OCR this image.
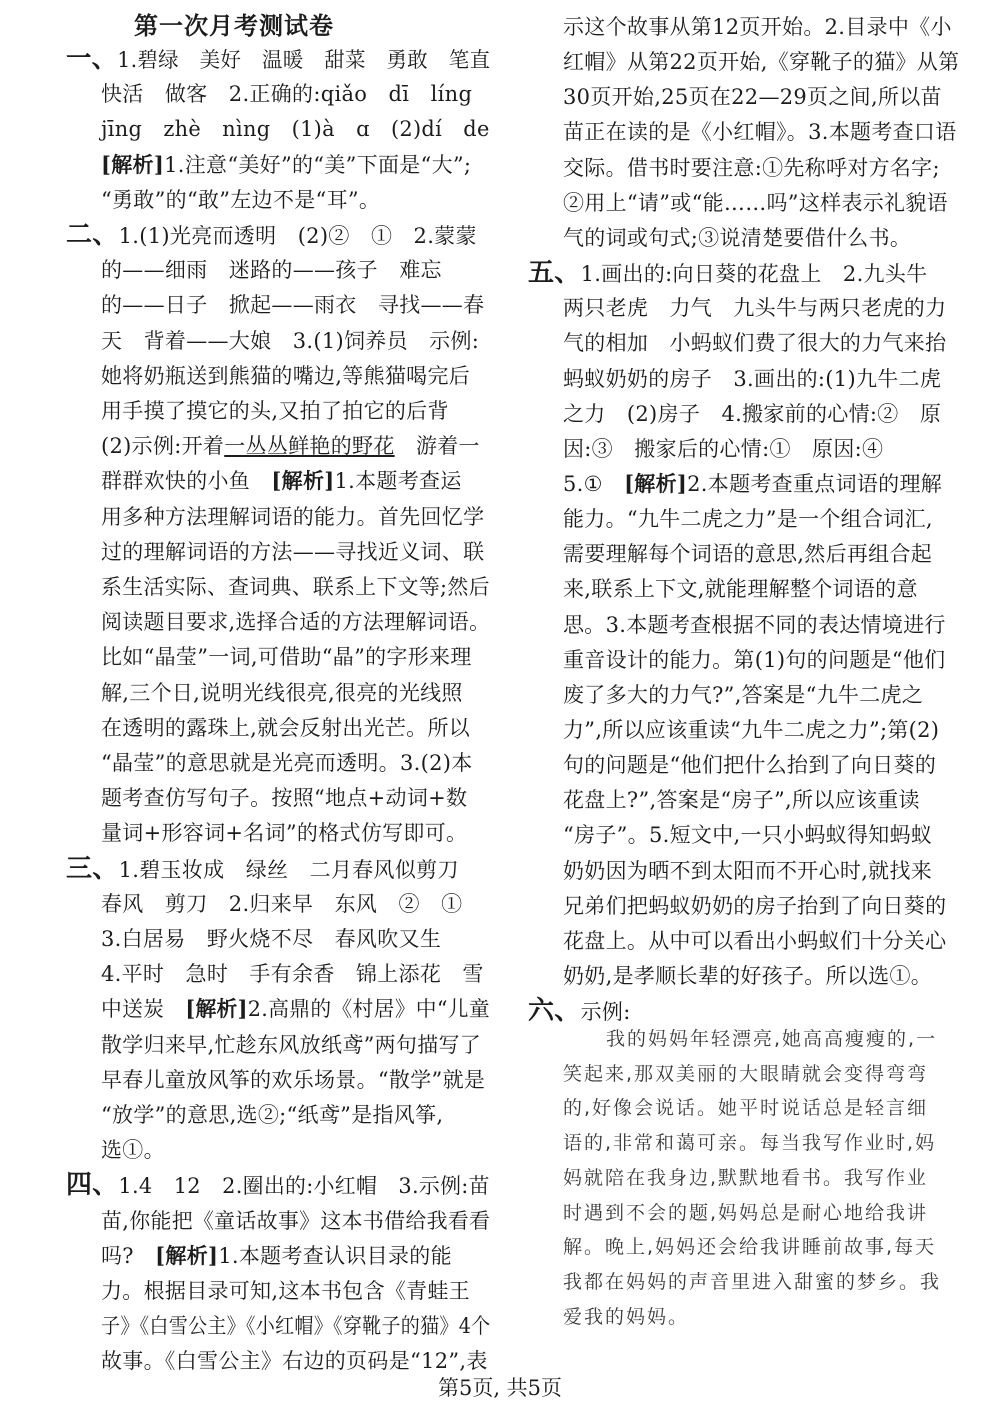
第一次月考测试卷
一、1.碧绿　美好　温暖　甜菜　勇敢　笔直
快活　做客　2.正确的:qiǎo　dī　líng
jīng　zhè　nìng　(1)à　ɑ　(2)dí　de
[解析]1.注意“美好”的“美”下面是“大”;
“勇敢”的“敢”左边不是“耳”。
二、1.(1)光亮而透明　(2)②　①　2.蒙蒙
的——细雨　迷路的——孩子　难忘
的——日子　掀起——雨衣　寻找——春
天　背着——大娘　3.(1)饲养员　示例:
她将奶瓶送到熊猫的嘴边,等熊猫喝完后
用手摸了摸它的头,又拍了拍它的后背
(2)示例:开着一丛丛鲜艳的野花　游着一
群群欢快的小鱼　[解析]1.本题考查运
用多种方法理解词语的能力。首先回忆学
过的理解词语的方法——寻找近义词、联
系生活实际、查词典、联系上下文等;然后
阅读题目要求,选择合适的方法理解词语。
比如“晶莹”一词,可借助“晶”的字形来理
解,三个日,说明光线很亮,很亮的光线照
在透明的露珠上,就会反射出光芒。所以
“晶莹”的意思就是光亮而透明。3.(2)本
题考查仿写句子。按照“地点+动词+数
量词+形容词+名词”的格式仿写即可。
三、1.碧玉妆成　绿丝　二月春风似剪刀
春风　剪刀　2.归来早　东风　②　①
3.白居易　野火烧不尽　春风吹又生
4.平时　急时　手有余香　锦上添花　雪
中送炭　[解析]2.高鼎的《村居》中“儿童
散学归来早,忙趁东风放纸鸢”两句描写了
早春儿童放风筝的欢乐场景。“散学”就是
“放学”的意思,选②;“纸鸢”是指风筝,
选①。
四、1.4　12　2.圈出的:小红帽　3.示例:苗
苗,你能把《童话故事》这本书借给我看看
吗?　[解析]1.本题考查认识目录的能
力。根据目录可知,这本书包含《青蛙王
子》《白雪公主》《小红帽》《穿靴子的猫》4个
故事。《白雪公主》右边的页码是“12”,表
示这个故事从第12页开始。2.目录中《小
红帽》从第22页开始,《穿靴子的猫》从第
30页开始,25页在22—29页之间,所以苗
苗正在读的是《小红帽》。3.本题考查口语
交际。借书时要注意:①先称呼对方名字;
②用上“请”或“能……吗”这样表示礼貌语
气的词或句式;③说清楚要借什么书。
五、1.画出的:向日葵的花盘上　2.九头牛
两只老虎　力气　九头牛与两只老虎的力
气的相加　小蚂蚁们费了很大的力气来抬
蚂蚁奶奶的房子　3.画出的:(1)九牛二虎
之力　(2)房子　4.搬家前的心情:②　原
因:③　搬家后的心情:①　原因:④
5.①　[解析]2.本题考查重点词语的理解
能力。“九牛二虎之力”是一个组合词汇,
需要理解每个词语的意思,然后再组合起
来,联系上下文,就能理解整个词语的意
思。3.本题考查根据不同的表达情境进行
重音设计的能力。第(1)句的问题是“他们
废了多大的力气?”,答案是“九牛二虎之
力”,所以应该重读“九牛二虎之力”;第(2)
句的问题是“他们把什么抬到了向日葵的
花盘上?”,答案是“房子”,所以应该重读
“房子”。5.短文中,一只小蚂蚁得知蚂蚁
奶奶因为晒不到太阳而不开心时,就找来
兄弟们把蚂蚁奶奶的房子抬到了向日葵的
花盘上。从中可以看出小蚂蚁们十分关心
奶奶,是孝顺长辈的好孩子。所以选①。
六、示例:
我的妈妈年轻漂亮,她高高瘦瘦的,一
笑起来,那双美丽的大眼睛就会变得弯弯
的,好像会说话。她平时说话总是轻言细
语的,非常和蔼可亲。每当我写作业时,妈
妈就陪在我身边,默默地看书。我写作业
时遇到不会的题,妈妈总是耐心地给我讲
解。晚上,妈妈还会给我讲睡前故事,每天
我都在妈妈的声音里进入甜蜜的梦乡。我
爱我的妈妈。
第5页, 共5页
